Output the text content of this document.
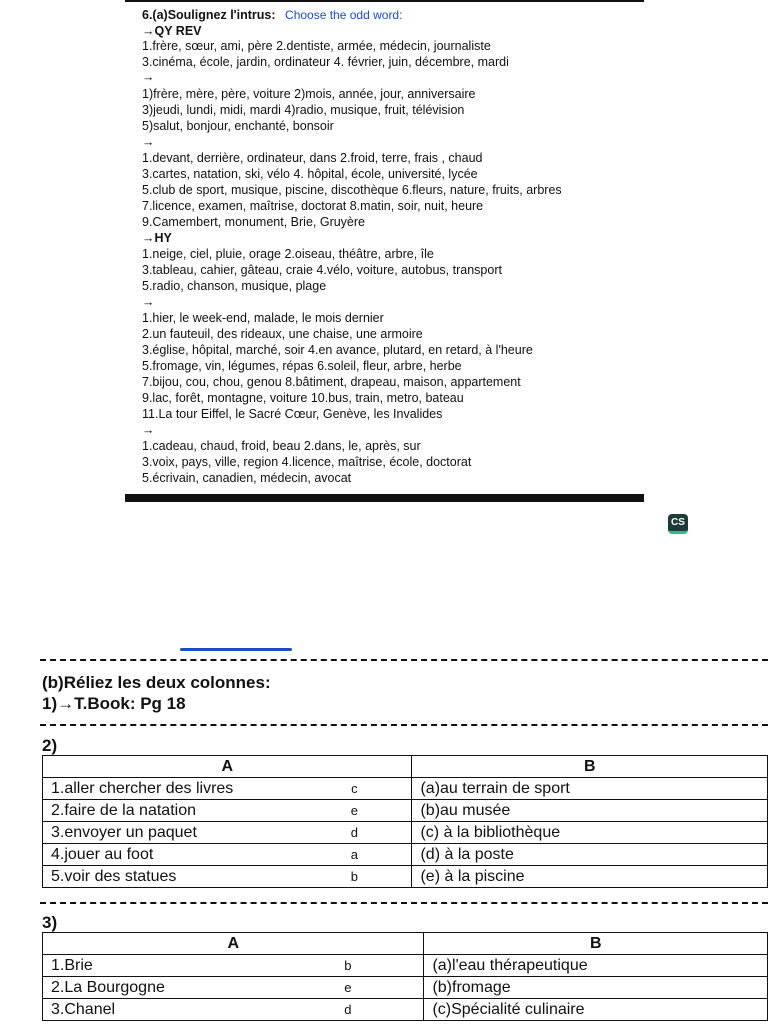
6.(a)Soulignez l'intrus: Choose the odd word:
→QY REV
1.frère, sœur, ami, père 2.dentiste, armée, médecin, journaliste
3.cinéma, école, jardin, ordinateur 4. février, juin, décembre, mardi
→
1)frère, mère, père, voiture 2)mois, année, jour, anniversaire
3)jeudi, lundi, midi, mardi 4)radio, musique, fruit, télévision
5)salut, bonjour, enchanté, bonsoir
→
1.devant, derrière, ordinateur, dans 2.froid, terre, frais , chaud
3.cartes, natation, ski, vélo 4. hôpital, école, université, lycée
5.club de sport, musique, piscine, discothèque 6.fleurs, nature, fruits, arbres
7.licence, examen, maîtrise, doctorat 8.matin, soir, nuit, heure
9.Camembert, monument, Brie, Gruyère
→HY
1.neige, ciel, pluie, orage 2.oiseau, théâtre, arbre, île
3.tableau, cahier, gâteau, craie 4.vélo, voiture, autobus, transport
5.radio, chanson, musique, plage
→
1.hier, le week-end, malade, le mois dernier
2.un fauteuil, des rideaux, une chaise, une armoire
3.église, hôpital, marché, soir 4.en avance, plutard, en retard, à l'heure
5.fromage, vin, légumes, répas 6.soleil, fleur, arbre, herbe
7.bijou, cou, chou, genou 8.bâtiment, drapeau, maison, appartement
9.lac, forêt, montagne, voiture 10.bus, train, metro, bateau
11.La tour Eiffel, le Sacré Cœur, Genève, les Invalides
→
1.cadeau, chaud, froid, beau 2.dans, le, après, sur
3.voix, pays, ville, region 4.licence, maîtrise, école, doctorat
5.écrivain, canadien, médecin, avocat
CS
(b)Réliez les deux colonnes:
1)→T.Book: Pg 18
2)
A		B
1.aller chercher des livres	c	(a)au terrain de sport
2.faire de la natation	e	(b)au musée
3.envoyer un paquet	d	(c) à la bibliothèque
4.jouer au foot	a	(d) à la poste
5.voir des statues	b	(e) à la piscine
3)
A		B
1.Brie	b	(a)l'eau thérapeutique
2.La Bourgogne	e	(b)fromage
3.Chanel	d	(c)Spécialité culinaire
